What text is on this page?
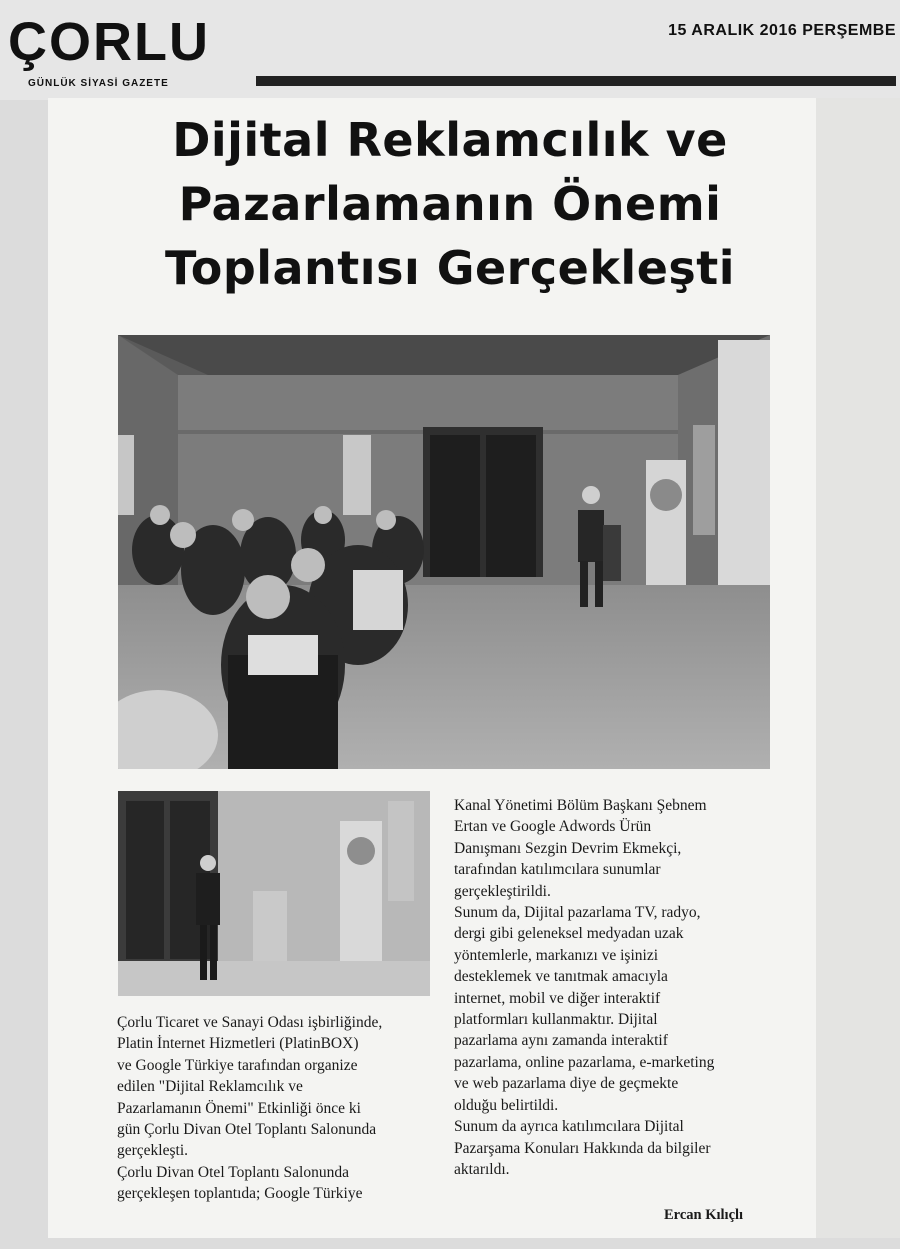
ÇORLU
GÜNLÜK SİYASİ GAZETE
15 ARALIK 2016 PERŞEMBE
Dijital Reklamcılık ve
Pazarlamanın Önemi
Toplantısı Gerçekleşti

Çorlu Ticaret ve Sanayi Odası işbirliğinde,

Platin İnternet Hizmetleri (PlatinBOX)

ve Google Türkiye tarafından organize

edilen "Dijital Reklamcılık ve

Pazarlamanın Önemi" Etkinliği önce ki

gün Çorlu Divan Otel Toplantı Salonunda

gerçekleşti.

Çorlu Divan Otel Toplantı Salonunda

gerçekleşen toplantıda; Google Türkiye

Kanal Yönetimi Bölüm Başkanı Şebnem

Ertan ve Google Adwords Ürün

Danışmanı Sezgin Devrim Ekmekçi,

tarafından katılımcılara sunumlar

gerçekleştirildi.

Sunum da, Dijital pazarlama TV, radyo,

dergi gibi geleneksel medyadan uzak

yöntemlerle, markanızı ve işinizi

desteklemek ve tanıtmak amacıyla

internet, mobil ve diğer interaktif

platformları kullanmaktır. Dijital

pazarlama aynı zamanda interaktif

pazarlama, online pazarlama, e-marketing

ve web pazarlama diye de geçmekte

olduğu belirtildi.

Sunum da ayrıca katılımcılara Dijital

Pazarşama Konuları Hakkında da bilgiler

aktarıldı.

Ercan Kılıçlı
